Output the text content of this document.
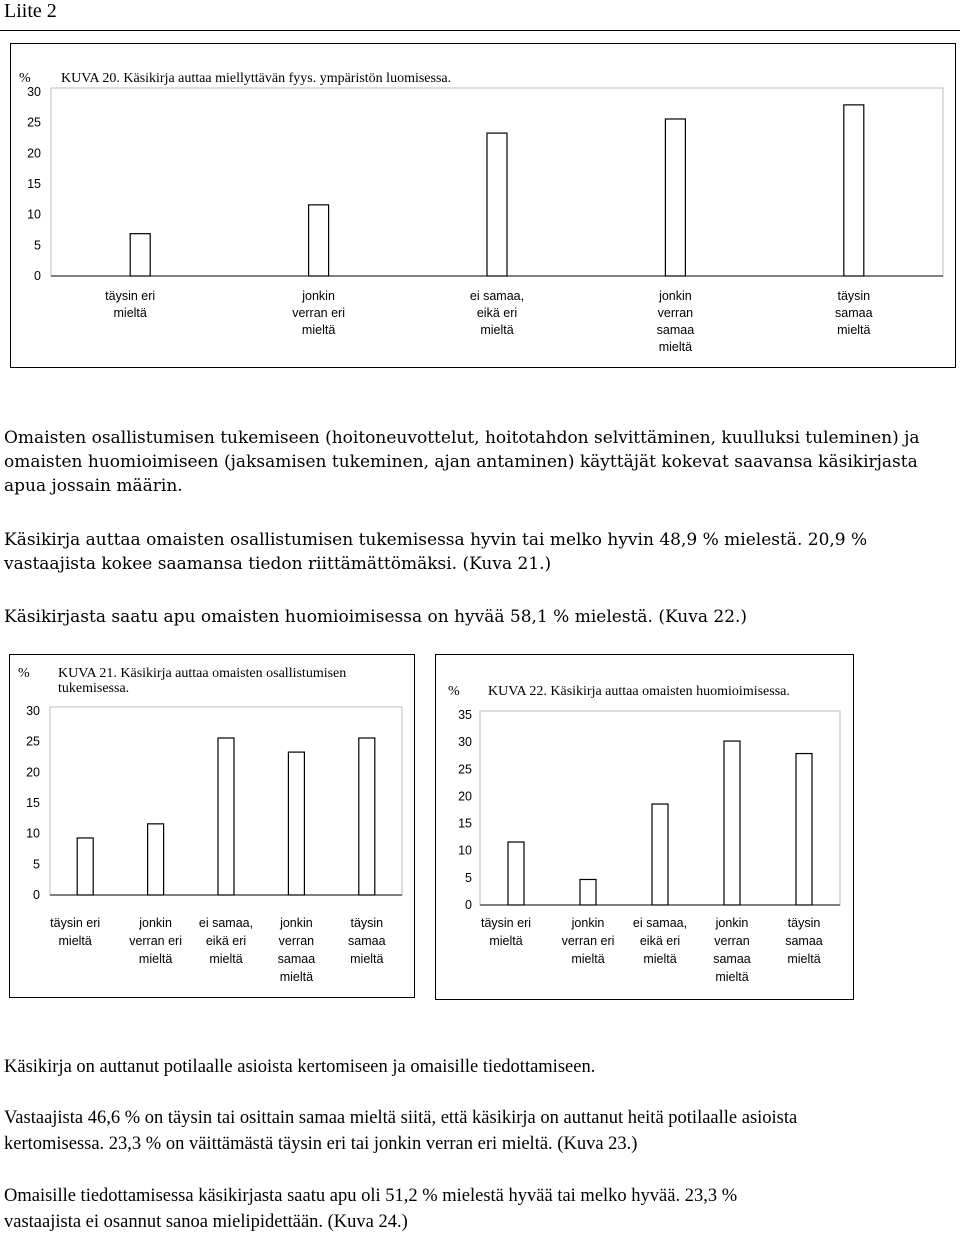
Liite 2
% KUVA 20. Käsikirja auttaa miellyttävän fyys. ympäristön luomisessa.
0
5
10
15
20
25
30
täysin eri
mieltä
jonkin
verran eri
mieltä
ei samaa,
eikä eri
mieltä
jonkin
verran
samaa
mieltä
täysin
samaa
mieltä
Omaisten osallistumisen tukemiseen (hoitoneuvottelut, hoitotahdon selvittäminen, kuulluksi tuleminen) ja
omaisten huomioimiseen (jaksamisen tukeminen, ajan antaminen) käyttäjät kokevat saavansa käsikirjasta
apua jossain määrin.
Käsikirja auttaa omaisten osallistumisen tukemisessa hyvin tai melko hyvin 48,9 % mielestä. 20,9 %
vastaajista kokee saamansa tiedon riittämättömäksi. (Kuva 21.)
Käsikirjasta saatu apu omaisten huomioimisessa on hyvää 58,1 % mielestä. (Kuva 22.)
% KUVA 21. Käsikirja auttaa omaisten osallistumisen
tukemisessa.
0
5
10
15
20
25
30
täysin eri
mieltä
jonkin
verran eri
mieltä
ei samaa,
eikä eri
mieltä
jonkin
verran
samaa
mieltä
täysin
samaa
mieltä
% KUVA 22. Käsikirja auttaa omaisten huomioimisessa.
0
5
10
15
20
25
30
35
täysin eri
mieltä
jonkin
verran eri
mieltä
ei samaa,
eikä eri
mieltä
jonkin
verran
samaa
mieltä
täysin
samaa
mieltä
Käsikirja on auttanut potilaalle asioista kertomiseen ja omaisille tiedottamiseen.
Vastaajista 46,6 % on täysin tai osittain samaa mieltä siitä, että käsikirja on auttanut heitä potilaalle asioista
kertomisessa. 23,3 % on väittämästä täysin eri tai jonkin verran eri mieltä. (Kuva 23.)
Omaisille tiedottamisessa käsikirjasta saatu apu oli 51,2 % mielestä hyvää tai melko hyvää. 23,3 %
vastaajista ei osannut sanoa mielipidettään. (Kuva 24.)
